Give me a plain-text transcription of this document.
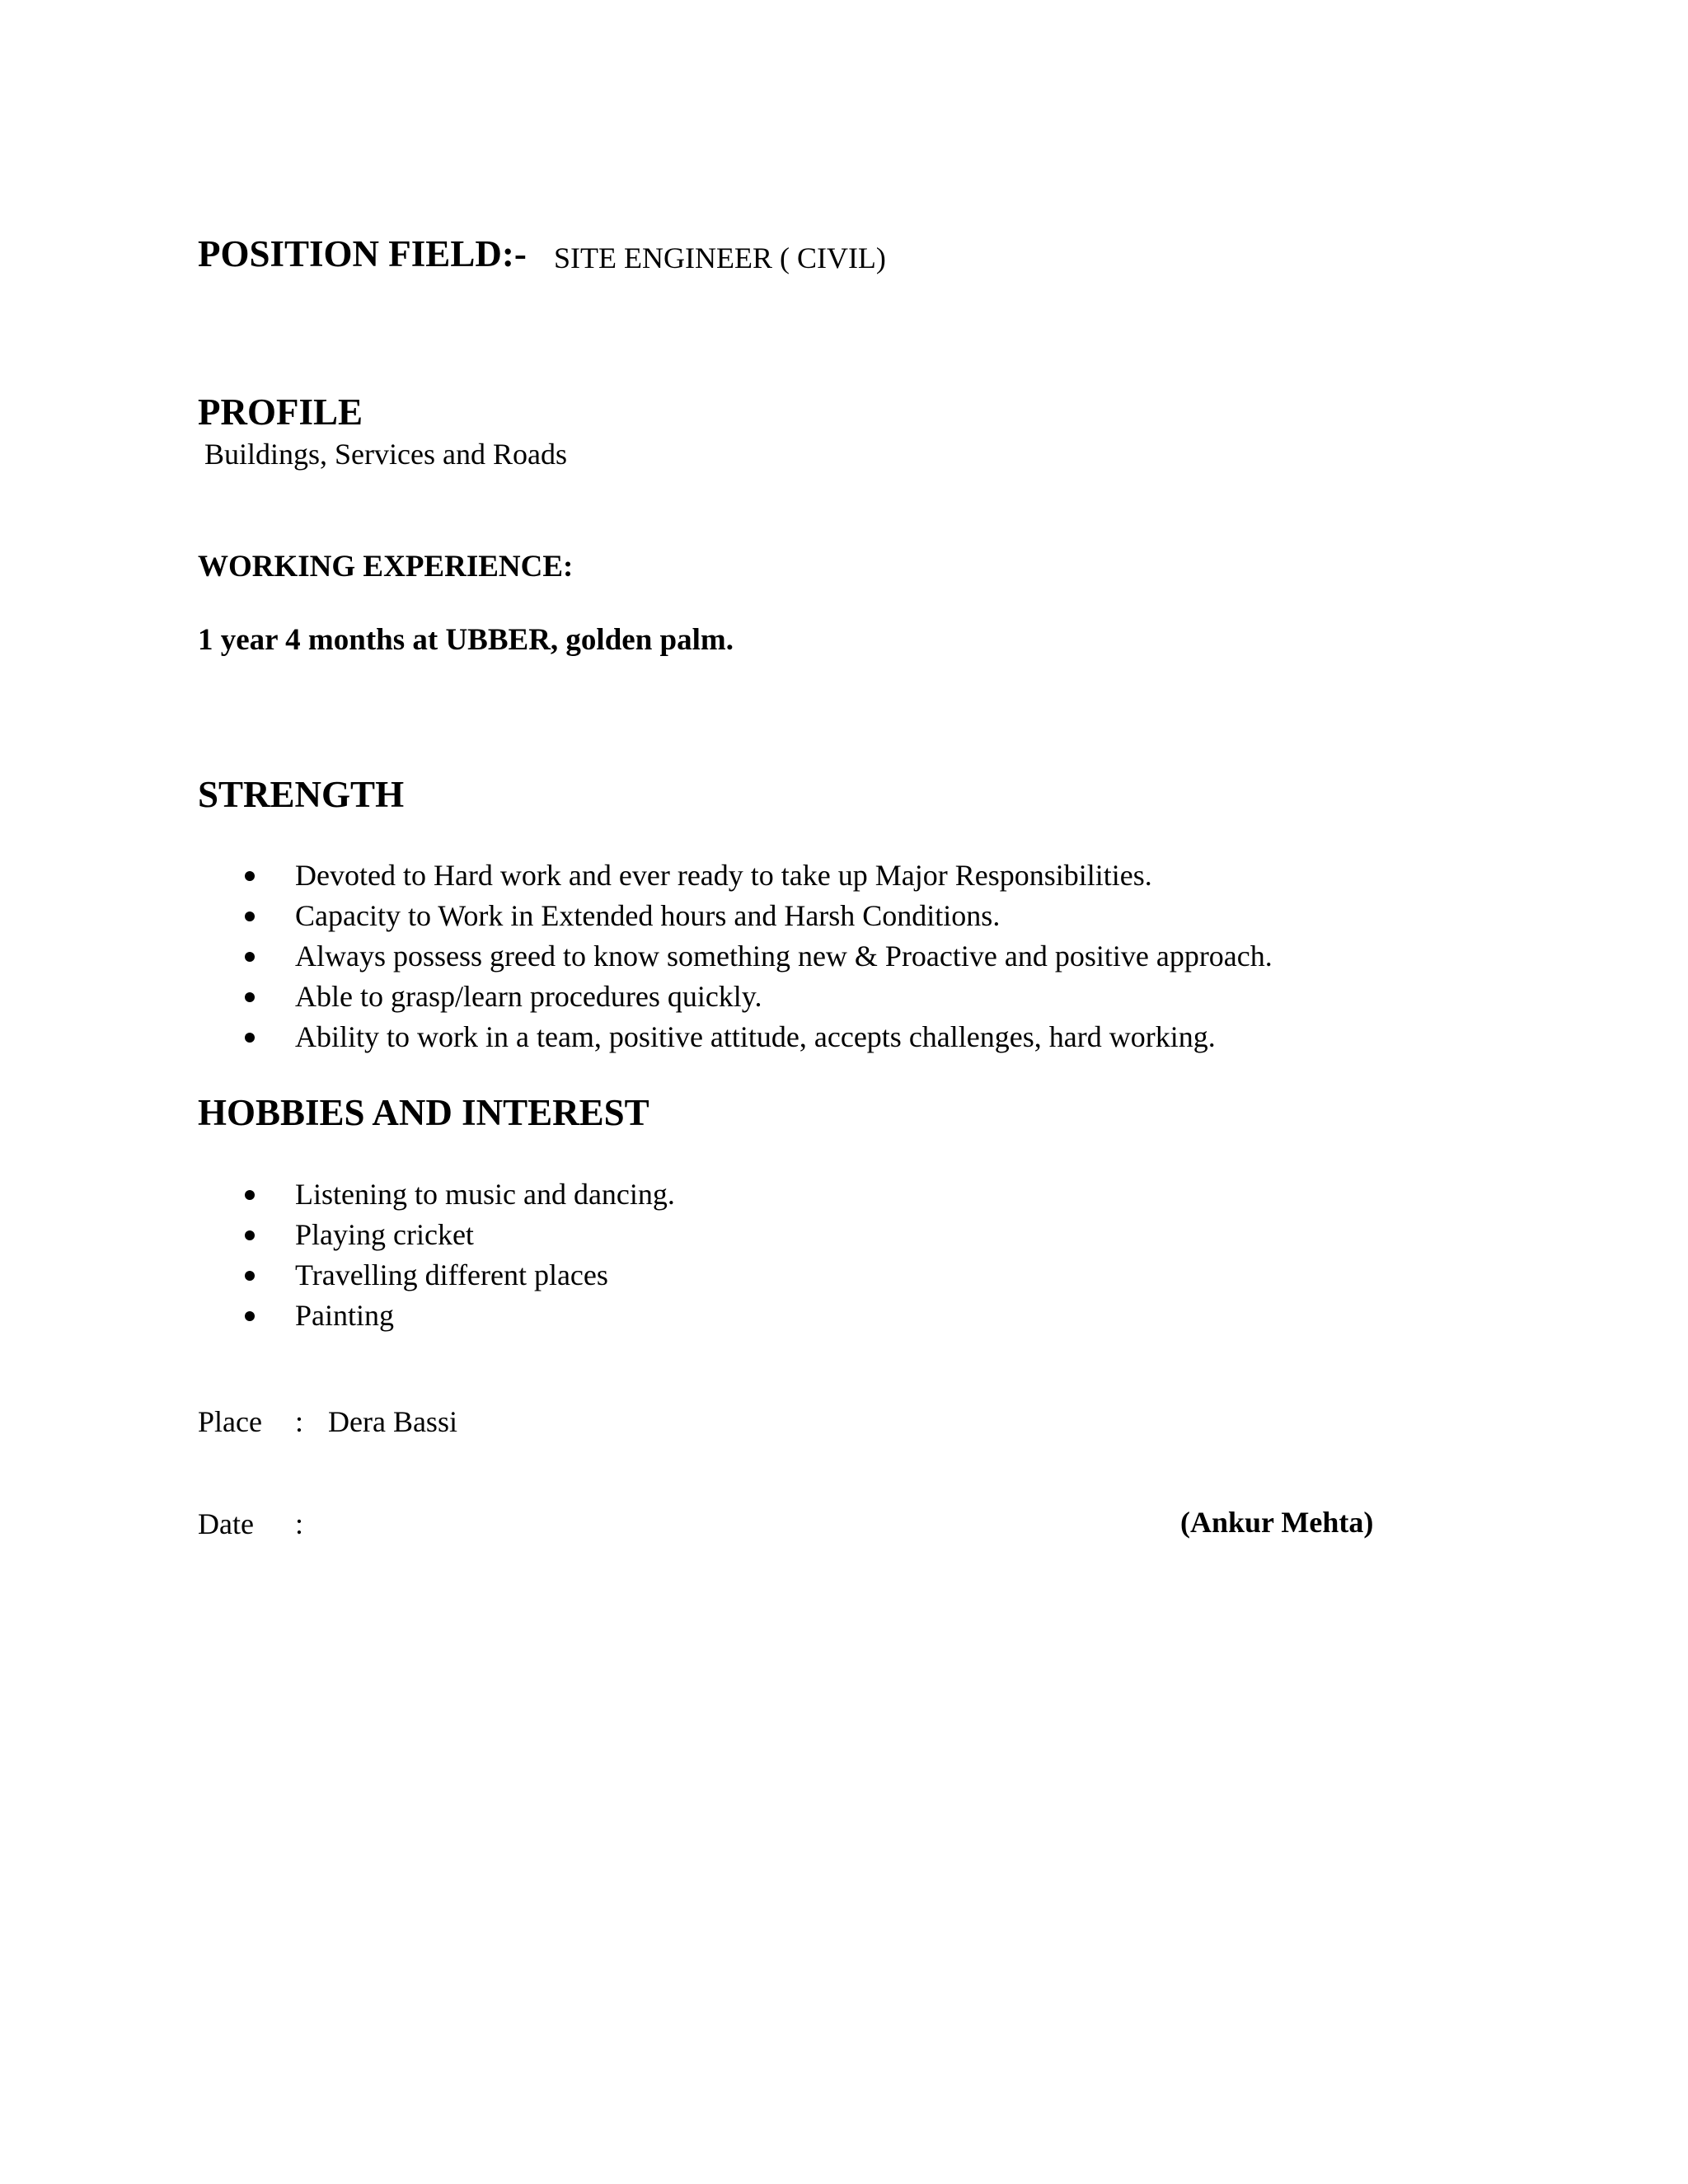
POSITION FIELD:- SITE ENGINEER ( CIVIL)
PROFILE
Buildings, Services and Roads
WORKING EXPERIENCE:
1 year 4 months at UBBER, golden palm.
STRENGTH
Devoted to Hard work and ever ready to take up Major Responsibilities.
Capacity to Work in Extended hours and Harsh Conditions.
Always possess greed to know something new & Proactive and positive approach.
Able to grasp/learn procedures quickly.
Ability to work in a team, positive attitude, accepts challenges, hard working.
HOBBIES AND INTEREST
Listening to music and dancing.
Playing cricket
Travelling different places
Painting
Place : Dera Bassi
Date :	(Ankur Mehta)
